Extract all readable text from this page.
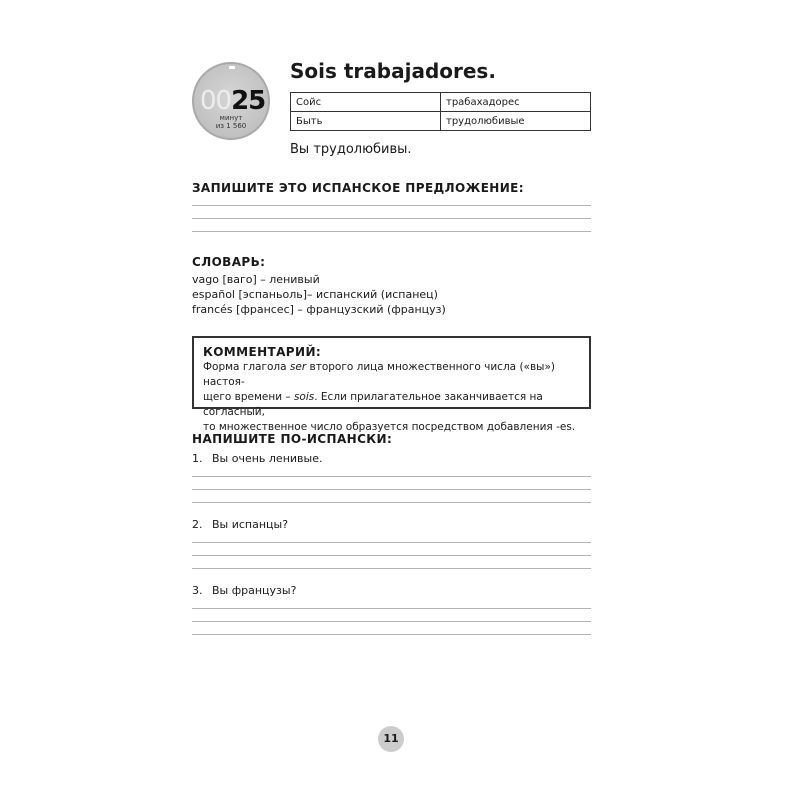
0025
минут
из 1 560
Sois trabajadores.
Сойс	трабахадорес
Быть	трудолюбивые
Вы трудолюбивы.
ЗАПИШИТЕ ЭТО ИСПАНСКОЕ ПРЕДЛОЖЕНИЕ:
СЛОВАРЬ:
vago [ваго] – ленивый
español [эспаньоль]– испанский (испанец)
francés [франсес] – французский (француз)
КОММЕНТАРИЙ:
Форма глагола ser второго лица множественного числа («вы») настоя-
щего времени – sois. Если прилагательное заканчивается на согласный,
то множественное число образуется посредством добавления -es.
НАПИШИТЕ ПО-ИСПАНСКИ:
1. Вы очень ленивые.
2. Вы испанцы?
3. Вы французы?
11
